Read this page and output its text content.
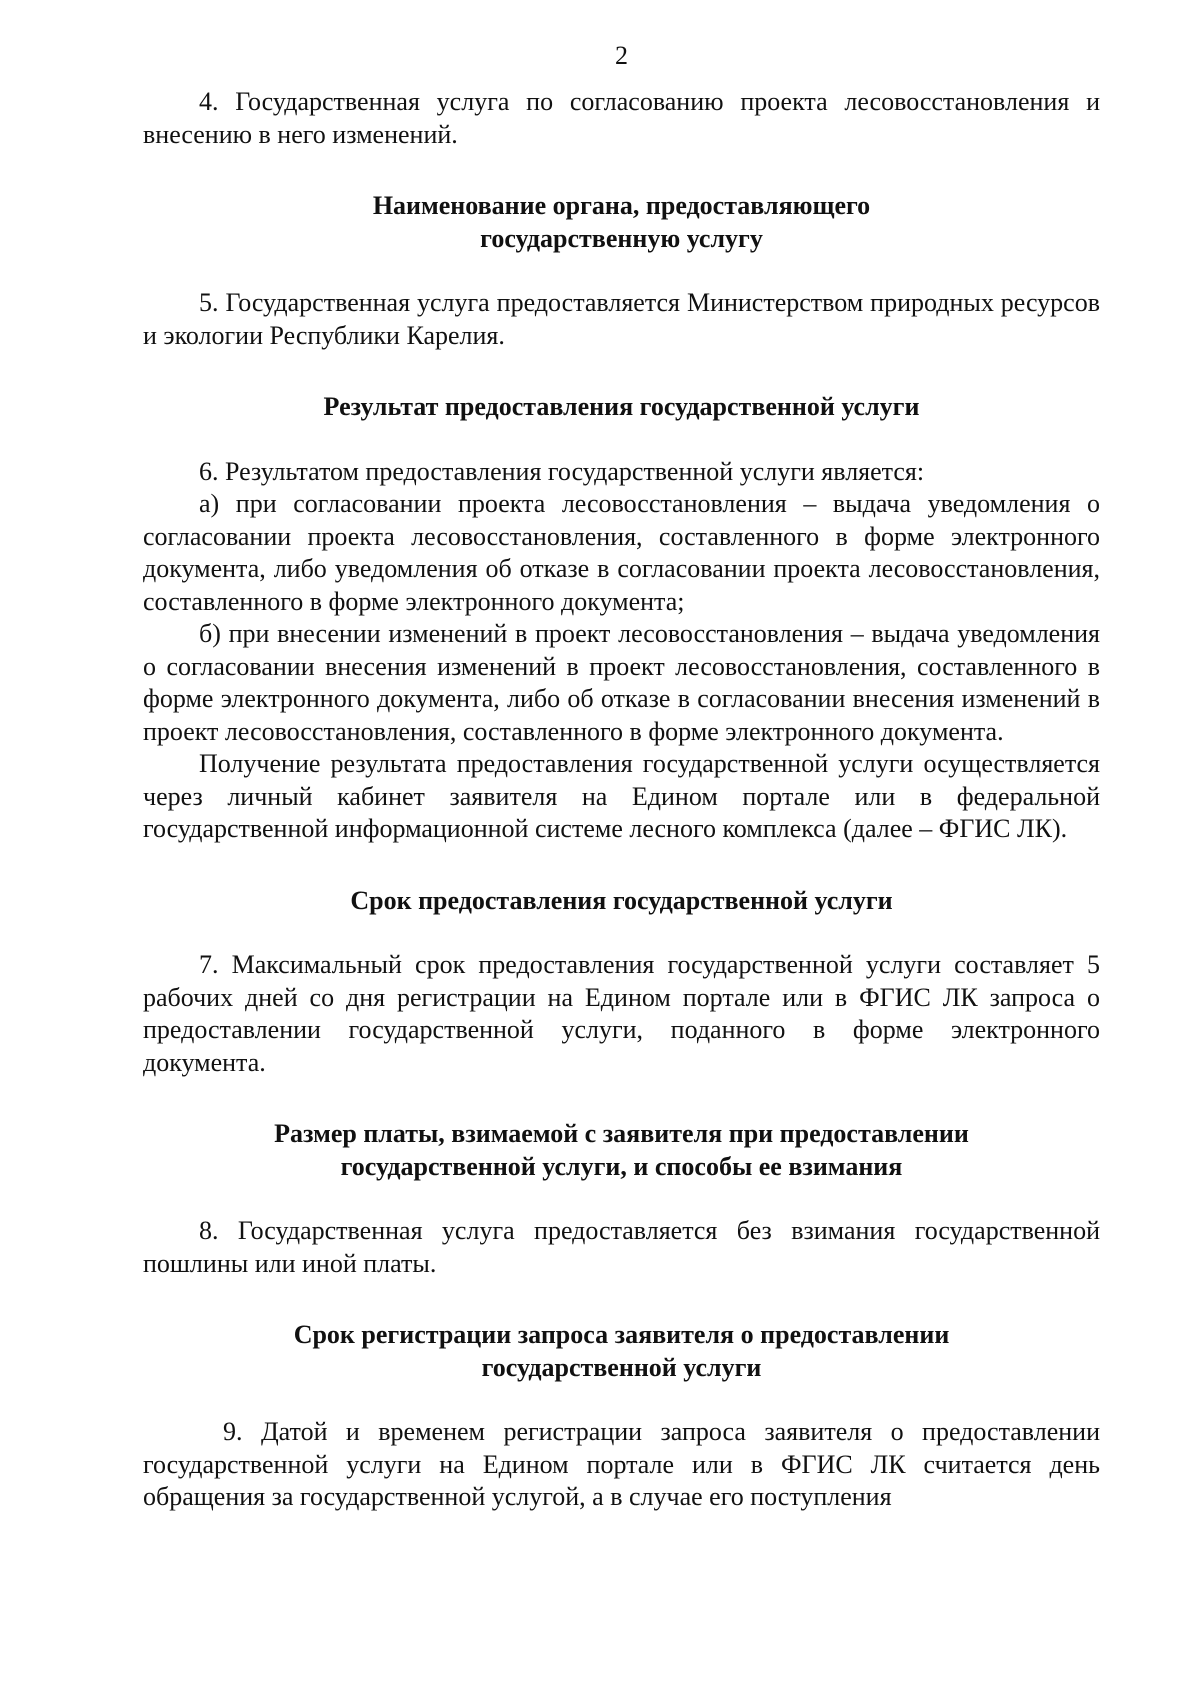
2

4. Государственная услуга по согласованию проекта лесовосстановления и внесению в него изменений.

Наименование органа, предоставляющего
государственную услугу

5. Государственная услуга предоставляется Министерством природных ресурсов и экологии Республики Карелия.

Результат предоставления государственной услуги

6. Результатом предоставления государственной услуги является:

а) при согласовании проекта лесовосстановления – выдача уведомления о согласовании проекта лесовосстановления, составленного в форме электронного документа, либо уведомления об отказе в согласовании проекта лесовосстановления, составленного в форме электронного документа;

б) при внесении изменений в проект лесовосстановления – выдача уведомления о согласовании внесения изменений в проект лесовосстановления, составленного в форме электронного документа, либо об отказе в согласовании внесения изменений в проект лесовосстановления, составленного в форме электронного документа.

Получение результата предоставления государственной услуги осуществляется через личный кабинет заявителя на Едином портале или в федеральной государственной информационной системе лесного комплекса (далее – ФГИС ЛК).

Срок предоставления государственной услуги

7. Максимальный срок предоставления государственной услуги составляет 5 рабочих дней со дня регистрации на Едином портале или в ФГИС ЛК запроса о предоставлении государственной услуги, поданного в форме электронного документа.

Размер платы, взимаемой с заявителя при предоставлении
государственной услуги, и способы ее взимания

8. Государственная услуга предоставляется без взимания государственной пошлины или иной платы.

Срок регистрации запроса заявителя о предоставлении
государственной услуги

9. Датой и временем регистрации запроса заявителя о предоставлении государственной услуги на Едином портале или в ФГИС ЛК считается день обращения за государственной услугой, а в случае его поступления
